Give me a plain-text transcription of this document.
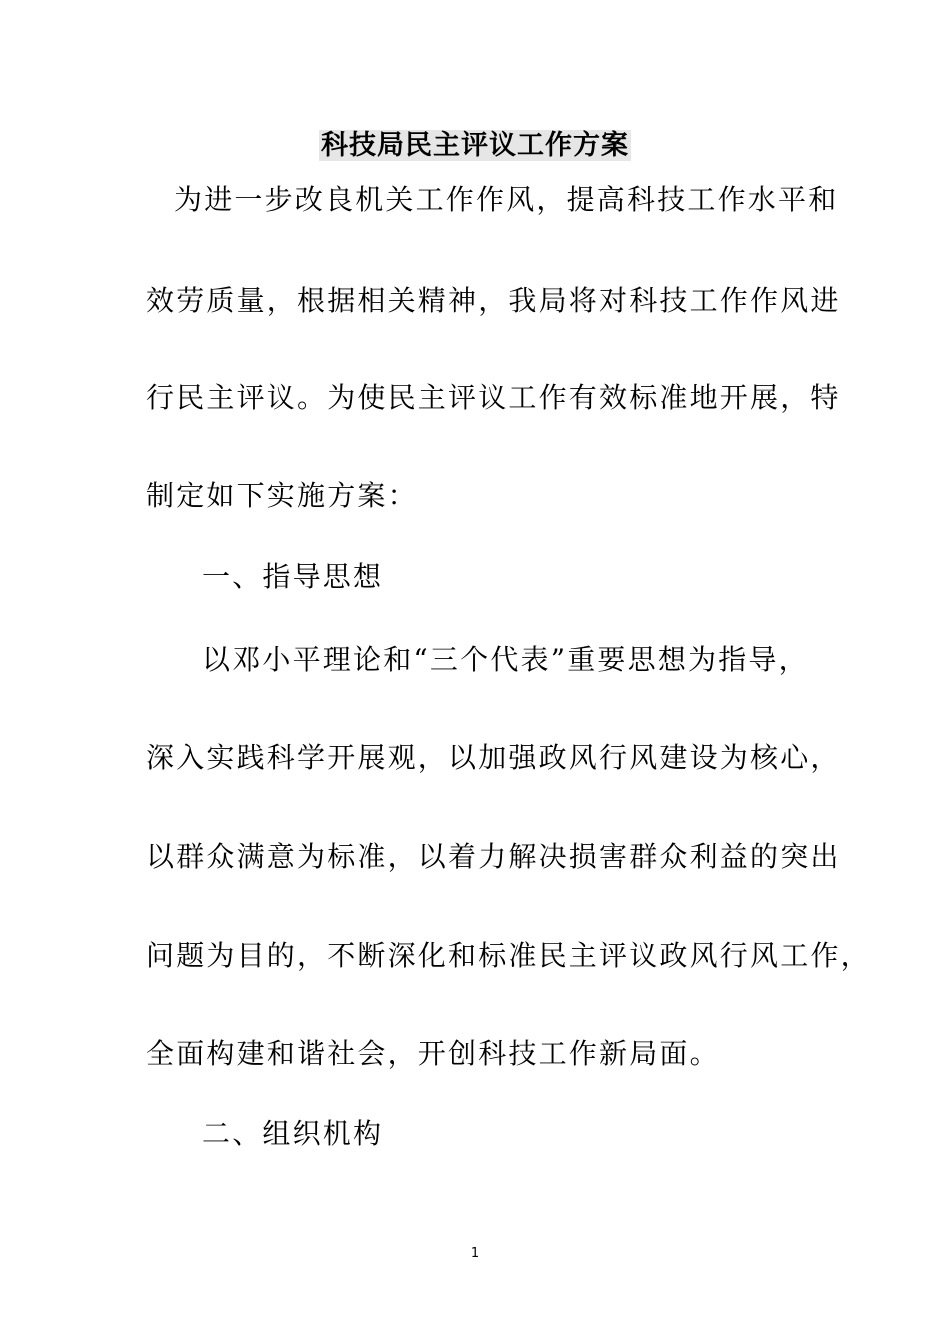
科技局民主评议工作方案
为进一步改良机关工作作风，提高科技工作水平和
效劳质量，根据相关精神，我局将对科技工作作风进
行民主评议。为使民主评议工作有效标准地开展，特
制定如下实施方案：
一、指导思想
以邓小平理论和“三个代表”重要思想为指导，
深入实践科学开展观，以加强政风行风建设为核心，
以群众满意为标准，以着力解决损害群众利益的突出
问题为目的，不断深化和标准民主评议政风行风工作，
全面构建和谐社会，开创科技工作新局面。
二、组织机构
1
